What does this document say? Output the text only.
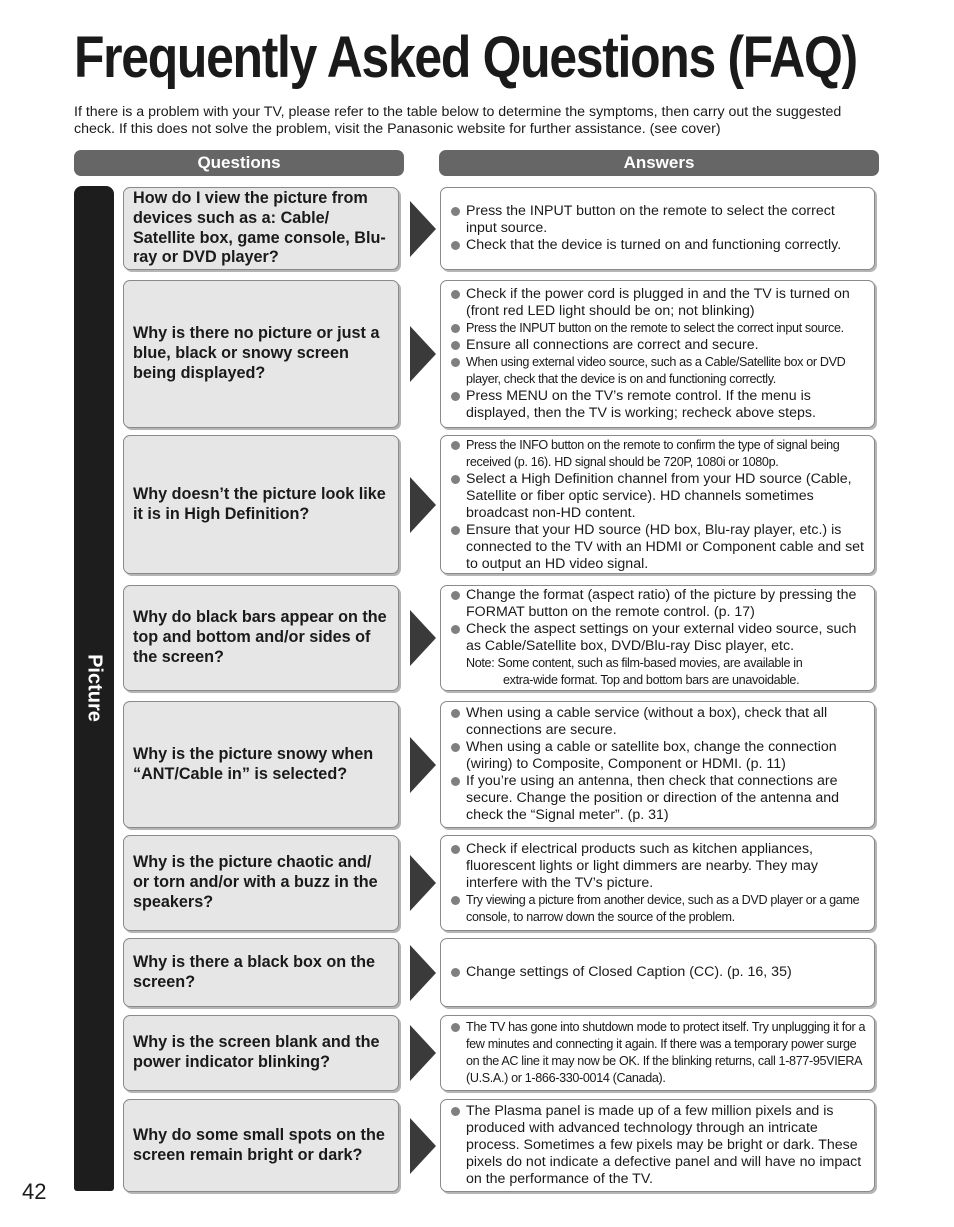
Frequently Asked Questions (FAQ)

If there is a problem with your TV, please refer to the table below to determine the symptoms, then carry out the suggested check. If this does not solve the problem, visit the Panasonic website for further assistance. (see cover)

Questions	Answers
Picture
How do I view the picture from devices such as a: Cable/ Satellite box, game console, Blu-ray or DVD player?
Press the INPUT button on the remote to select the correct input source.
Check that the device is turned on and functioning correctly.
Why is there no picture or just a blue, black or snowy screen being displayed?
Check if the power cord is plugged in and the TV is turned on (front red LED light should be on; not blinking)
Press the INPUT button on the remote to select the correct input source.
Ensure all connections are correct and secure.
When using external video source, such as a Cable/Satellite box or DVD player, check that the device is on and functioning correctly.
Press MENU on the TV’s remote control. If the menu is displayed, then the TV is working; recheck above steps.
Why doesn’t the picture look like it is in High Definition?
Press the INFO button on the remote to confirm the type of signal being received (p. 16). HD signal should be 720P, 1080i or 1080p.
Select a High Definition channel from your HD source (Cable, Satellite or fiber optic service). HD channels sometimes broadcast non-HD content.
Ensure that your HD source (HD box, Blu-ray player, etc.) is connected to the TV with an HDMI or Component cable and set to output an HD video signal.
Why do black bars appear on the top and bottom and/or sides of the screen?
Change the format (aspect ratio) of the picture by pressing the FORMAT button on the remote control. (p. 17)
Check the aspect settings on your external video source, such as Cable/Satellite box, DVD/Blu-ray Disc player, etc.
Note: Some content, such as film-based movies, are available in
extra-wide format. Top and bottom bars are unavoidable.
Why is the picture snowy when “ANT/Cable in” is selected?
When using a cable service (without a box), check that all connections are secure.
When using a cable or satellite box, change the connection (wiring) to Composite, Component or HDMI. (p. 11)
If you’re using an antenna, then check that connections are secure. Change the position or direction of the antenna and check the “Signal meter”. (p. 31)
Why is the picture chaotic and/ or torn and/or with a buzz in the speakers?
Check if electrical products such as kitchen appliances, fluorescent lights or light dimmers are nearby. They may interfere with the TV’s picture.
Try viewing a picture from another device, such as a DVD player or a game console, to narrow down the source of the problem.
Why is there a black box on the screen?
Change settings of Closed Caption (CC). (p. 16, 35)
Why is the screen blank and the power indicator blinking?
The TV has gone into shutdown mode to protect itself. Try unplugging it for a few minutes and connecting it again. If there was a temporary power surge on the AC line it may now be OK. If the blinking returns, call 1-877-95VIERA (U.S.A.) or 1-866-330-0014 (Canada).
Why do some small spots on the screen remain bright or dark?
The Plasma panel is made up of a few million pixels and is produced with advanced technology through an intricate process. Sometimes a few pixels may be bright or dark. These pixels do not indicate a defective panel and will have no impact on the performance of the TV.
42
